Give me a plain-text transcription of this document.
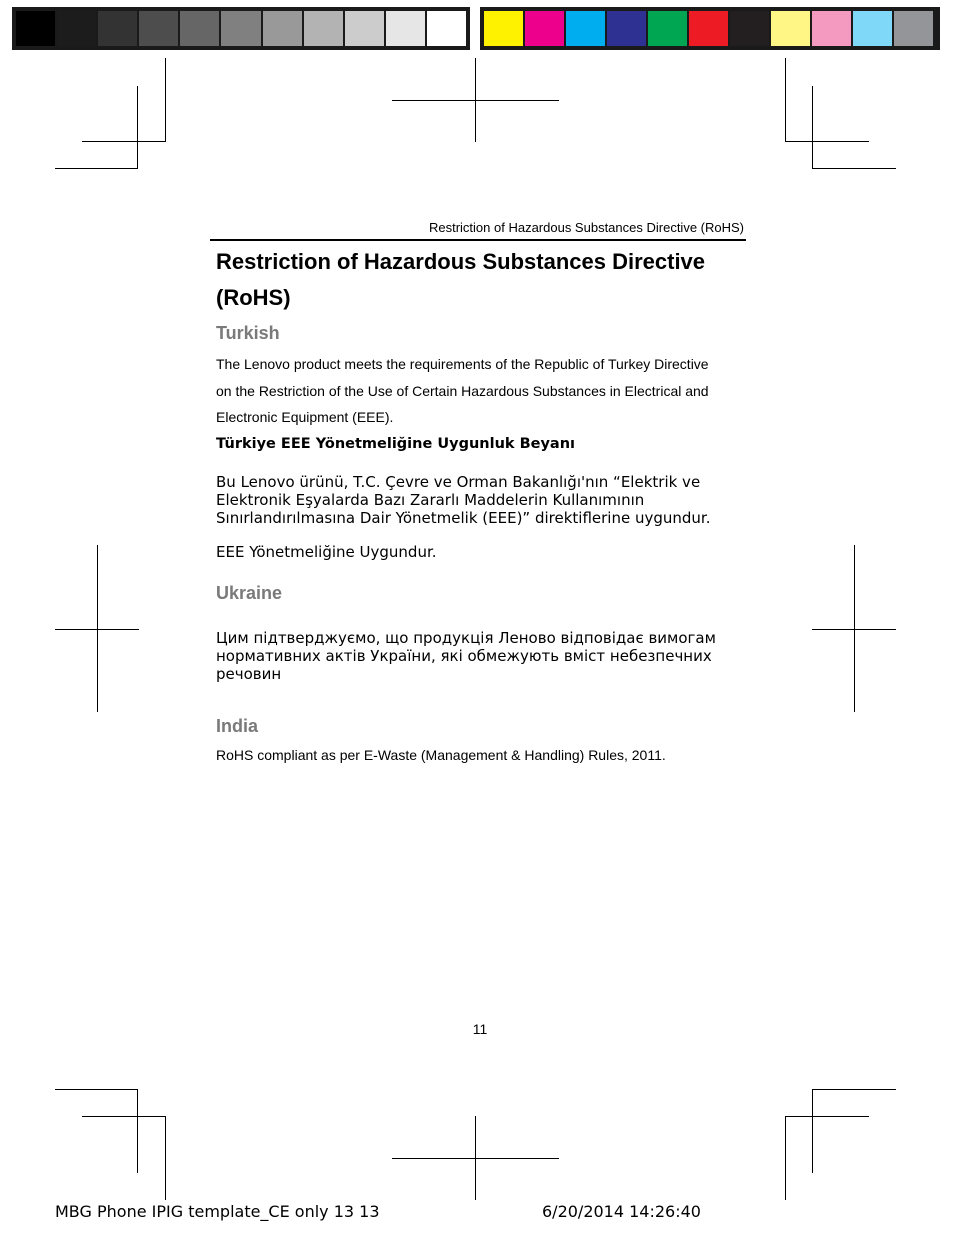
Restriction of Hazardous Substances Directive (RoHS)
Restriction of Hazardous Substances Directive
(RoHS)
Turkish

The Lenovo product meets the requirements of the Republic of Turkey Directive
on the Restriction of the Use of Certain Hazardous Substances in Electrical and
Electronic Equipment (EEE).

Türkiye EEE Yönetmeliğine Uygunluk Beyanı

Bu Lenovo ürünü, T.C. Çevre ve Orman Bakanlığı'nın “Elektrik ve
Elektronik Eşyalarda Bazı Zararlı Maddelerin Kullanımının
Sınırlandırılmasına Dair Yönetmelik (EEE)” direktiflerine uygundur.

EEE Yönetmeliğine Uygundur.

Ukraine

Цим підтверджуємо, що продукція Леново відповідає вимогам
нормативних актів України, які обмежують вміст небезпечних
речовин

India

RoHS compliant as per E-Waste (Management & Handling) Rules, 2011.

11
MBG Phone IPIG template_CE only 13 13	6/20/2014 14:26:40
